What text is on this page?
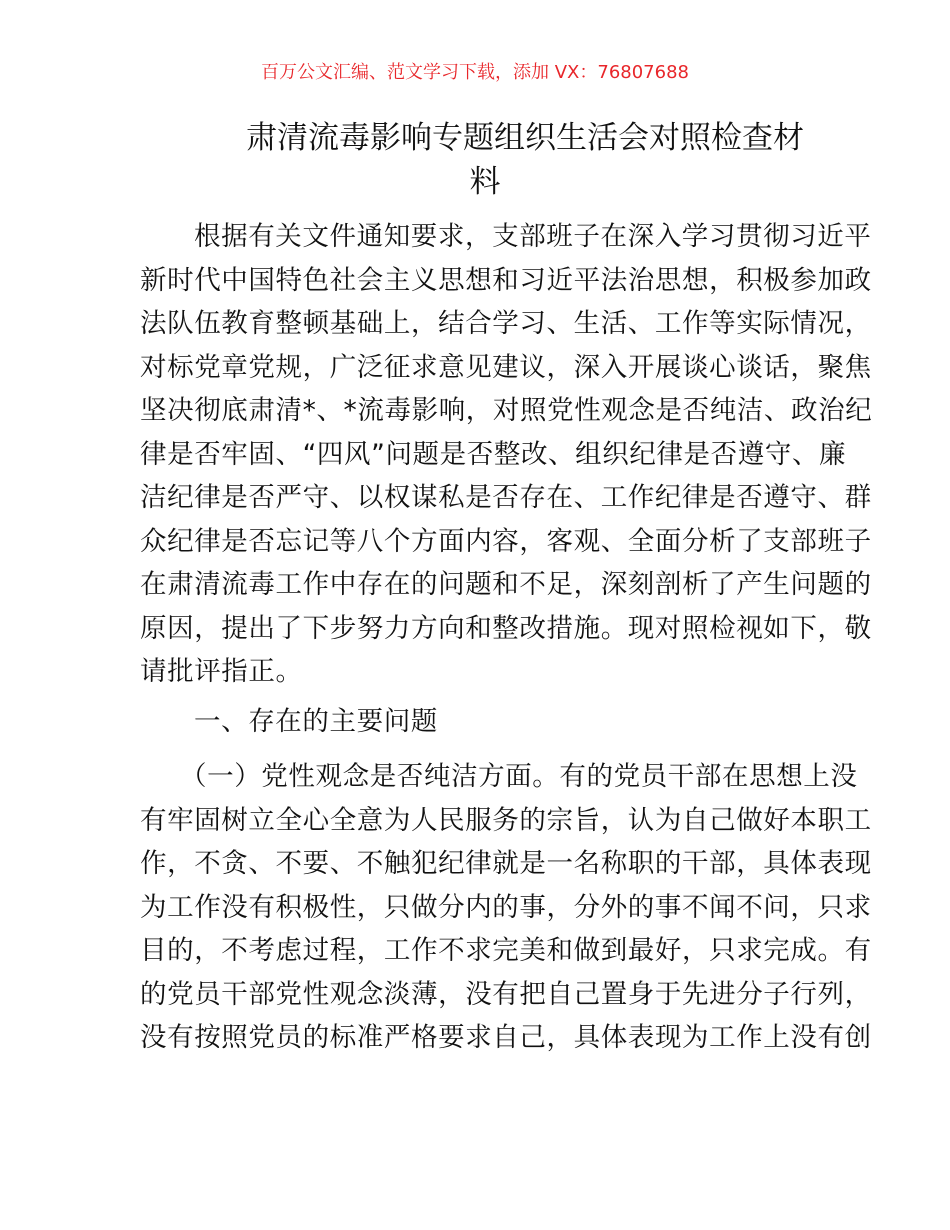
百万公文汇编、范文学习下载，添加 VX：76807688
肃清流毒影响专题组织生活会对照检查材
料
根据有关文件通知要求，支部班子在深入学习贯彻习近平
新时代中国特色社会主义思想和习近平法治思想，积极参加政
法队伍教育整顿基础上，结合学习、生活、工作等实际情况，
对标党章党规，广泛征求意见建议，深入开展谈心谈话，聚焦
坚决彻底肃清*、*流毒影响，对照党性观念是否纯洁、政治纪
律是否牢固、“四风”问题是否整改、组织纪律是否遵守、廉
洁纪律是否严守、以权谋私是否存在、工作纪律是否遵守、群
众纪律是否忘记等八个方面内容，客观、全面分析了支部班子
在肃清流毒工作中存在的问题和不足，深刻剖析了产生问题的
原因，提出了下步努力方向和整改措施。现对照检视如下，敬
请批评指正。
一、存在的主要问题
（一）党性观念是否纯洁方面。有的党员干部在思想上没
有牢固树立全心全意为人民服务的宗旨，认为自己做好本职工
作，不贪、不要、不触犯纪律就是一名称职的干部，具体表现
为工作没有积极性，只做分内的事，分外的事不闻不问，只求
目的，不考虑过程，工作不求完美和做到最好，只求完成。有
的党员干部党性观念淡薄，没有把自己置身于先进分子行列，
没有按照党员的标准严格要求自己，具体表现为工作上没有创
